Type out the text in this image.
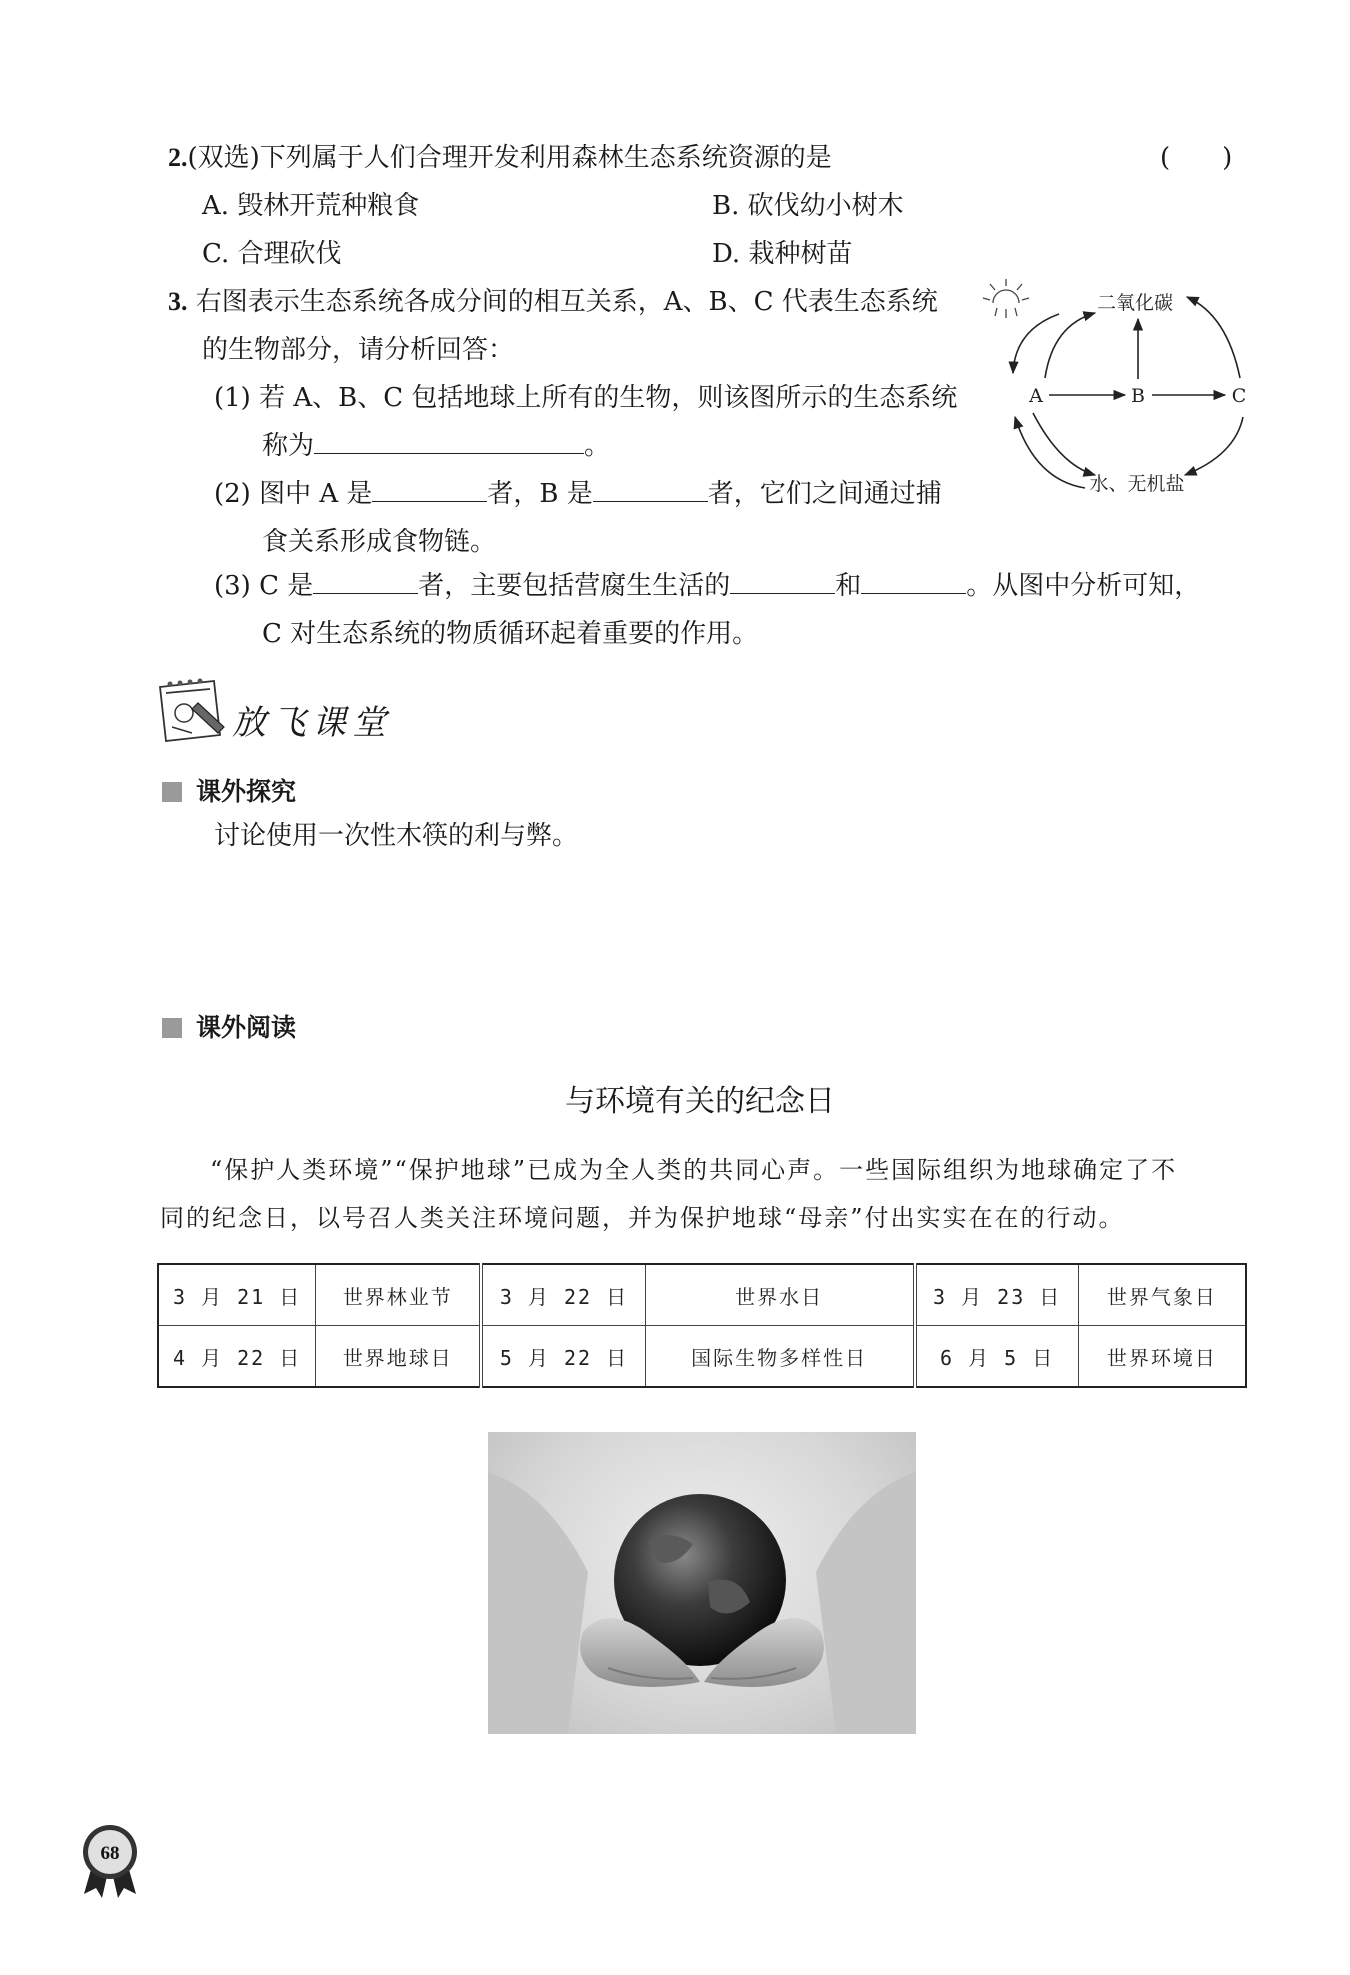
2.(双选)下列属于人们合理开发利用森林生态系统资源的是	(　　)
A. 毁林开荒种粮食	B. 砍伐幼小树木
C. 合理砍伐	D. 栽种树苗
3. 右图表示生态系统各成分间的相互关系，A、B、C 代表生态系统
的生物部分，请分析回答：
(1) 若 A、B、C 包括地球上所有的生物，则该图所示的生态系统
称为	。
(2) 图中 A 是	者，B 是	者，它们之间通过捕
食关系形成食物链。
(3) C 是	者，主要包括营腐生生活的	和	。从图中分析可知，
C 对生态系统的物质循环起着重要的作用。
二氧化碳
A	B	C
水、无机盐
放飞课堂
课外探究
讨论使用一次性木筷的利与弊。
课外阅读
与环境有关的纪念日
“保护人类环境”“保护地球”已成为全人类的共同心声。一些国际组织为地球确定了不
同的纪念日，以号召人类关注环境问题，并为保护地球“母亲”付出实实在在的行动。
3 月 21 日	世界林业节	3 月 22 日	世界水日	3 月 23 日	世界气象日
4 月 22 日	世界地球日	5 月 22 日	国际生物多样性日	6 月 5 日	世界环境日
68
